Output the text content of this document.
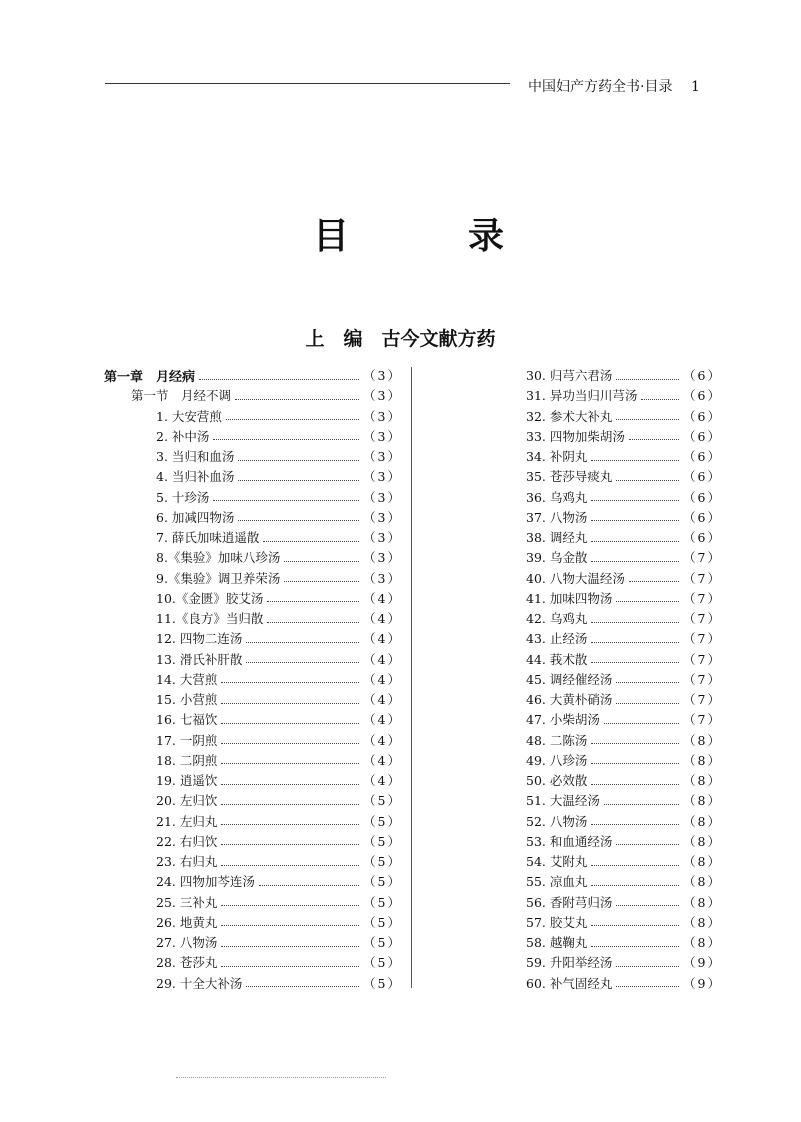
中国妇产方药全书·目录 1
目	录
上　编　古今文献方药
第一章　月经病	（3）
第一节　月经不调	（3）
1. 大安营煎	（3）
2. 补中汤	（3）
3. 当归和血汤	（3）
4. 当归补血汤	（3）
5. 十珍汤	（3）
6. 加减四物汤	（3）
7. 薛氏加味逍遥散	（3）
8.《集验》加味八珍汤	（3）
9.《集验》调卫养荣汤	（3）
10.《金匮》胶艾汤	（4）
11.《良方》当归散	（4）
12. 四物二连汤	（4）
13. 滑氏补肝散	（4）
14. 大营煎	（4）
15. 小营煎	（4）
16. 七福饮	（4）
17. 一阴煎	（4）
18. 二阴煎	（4）
19. 逍遥饮	（4）
20. 左归饮	（5）
21. 左归丸	（5）
22. 右归饮	（5）
23. 右归丸	（5）
24. 四物加芩连汤	（5）
25. 三补丸	（5）
26. 地黄丸	（5）
27. 八物汤	（5）
28. 苍莎丸	（5）
29. 十全大补汤	（5）
30. 归芎六君汤	（6）
31. 异功当归川芎汤	（6）
32. 参术大补丸	（6）
33. 四物加柴胡汤	（6）
34. 补阴丸	（6）
35. 苍莎导痰丸	（6）
36. 乌鸡丸	（6）
37. 八物汤	（6）
38. 调经丸	（6）
39. 乌金散	（7）
40. 八物大温经汤	（7）
41. 加味四物汤	（7）
42. 乌鸡丸	（7）
43. 止经汤	（7）
44. 莪术散	（7）
45. 调经催经汤	（7）
46. 大黄朴硝汤	（7）
47. 小柴胡汤	（7）
48. 二陈汤	（8）
49. 八珍汤	（8）
50. 必效散	（8）
51. 大温经汤	（8）
52. 八物汤	（8）
53. 和血通经汤	（8）
54. 艾附丸	（8）
55. 凉血丸	（8）
56. 香附芎归汤	（8）
57. 胶艾丸	（8）
58. 越鞠丸	（8）
59. 升阳举经汤	（9）
60. 补气固经丸	（9）
